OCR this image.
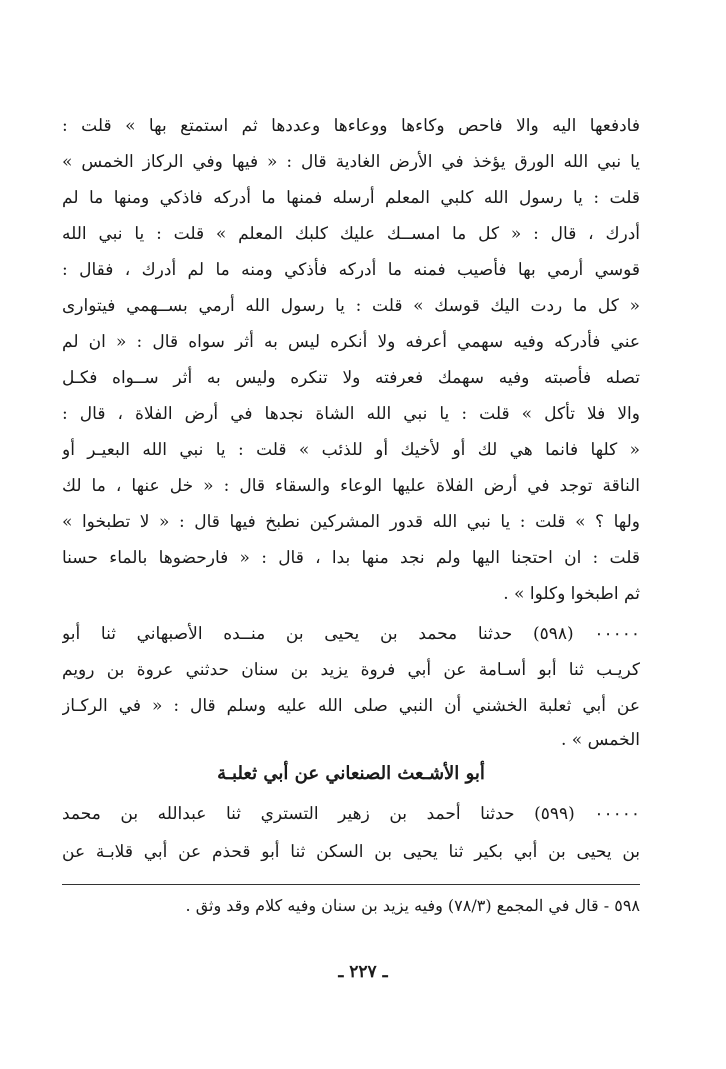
فادفعها اليه والا فاحص وكاءها ووعاءها وعددها ثم استمتع بها » قلت :
يا نبي الله الورق يؤخذ في الأرض الغادية قال : « فيها وفي الركاز الخمس »
قلت : يا رسول الله كلبي المعلم أرسله فمنها ما أدركه فاذكي ومنها ما لم
أدرك ، قال : « كل ما امســك عليك كلبك المعلم » قلت : يا نبي الله
قوسي أرمي بها فأصيب فمنه ما أدركه فأذكي ومنه ما لم أدرك ، فقال :
« كل ما ردت اليك قوسك » قلت : يا رسول الله أرمي بســهمي فيتوارى
عني فأدركه وفيه سهمي أعرفه ولا أنكره ليس به أثر سواه قال : « ان لم
تصله فأصبته وفيه سهمك فعرفته ولا تنكره وليس به أثر ســواه فكـل
والا فلا تأكل » قلت : يا نبي الله الشاة نجدها في أرض الفلاة ، قال :
« كلها فانما هي لك أو لأخيك أو للذئب » قلت : يا نبي الله البعيـر أو
الناقة توجد في أرض الفلاة عليها الوعاء والسقاء قال : « خل عنها ، ما لك
ولها ؟ » قلت : يا نبي الله قدور المشركين نطبخ فيها قال : « لا تطبخوا »
قلت : ان احتجنا اليها ولم نجد منها بدا ، قال : « فارحضوها بالماء حسنا
ثم اطبخوا وكلوا » .
٠٠٠٠٠ (٥٩٨) حدثنا محمد بن يحيى بن منــده الأصبهاني ثنا أبو
كريـب ثنا أبو أسـامة عن أبي فروة يزيد بن سنان حدثني عروة بن رويم
عن أبي ثعلبة الخشني أن النبي صلى الله عليه وسلم قال : « في الركـاز
الخمس » .
أبو الأشـعث الصنعاني عن أبي ثعلبـة
٠٠٠٠٠ (٥٩٩) حدثنا أحمد بن زهير التستري ثنا عبدالله بن محمد
بن يحيى بن أبي بكير ثنا يحيى بن السكن ثنا أبو قحذم عن أبي قلابـة عن
٥٩٨ - قال في المجمع (٧٨/٣) وفيه يزيد بن سنان وفيه كلام وقد وثق .
ـ ٢٢٧ ـ
